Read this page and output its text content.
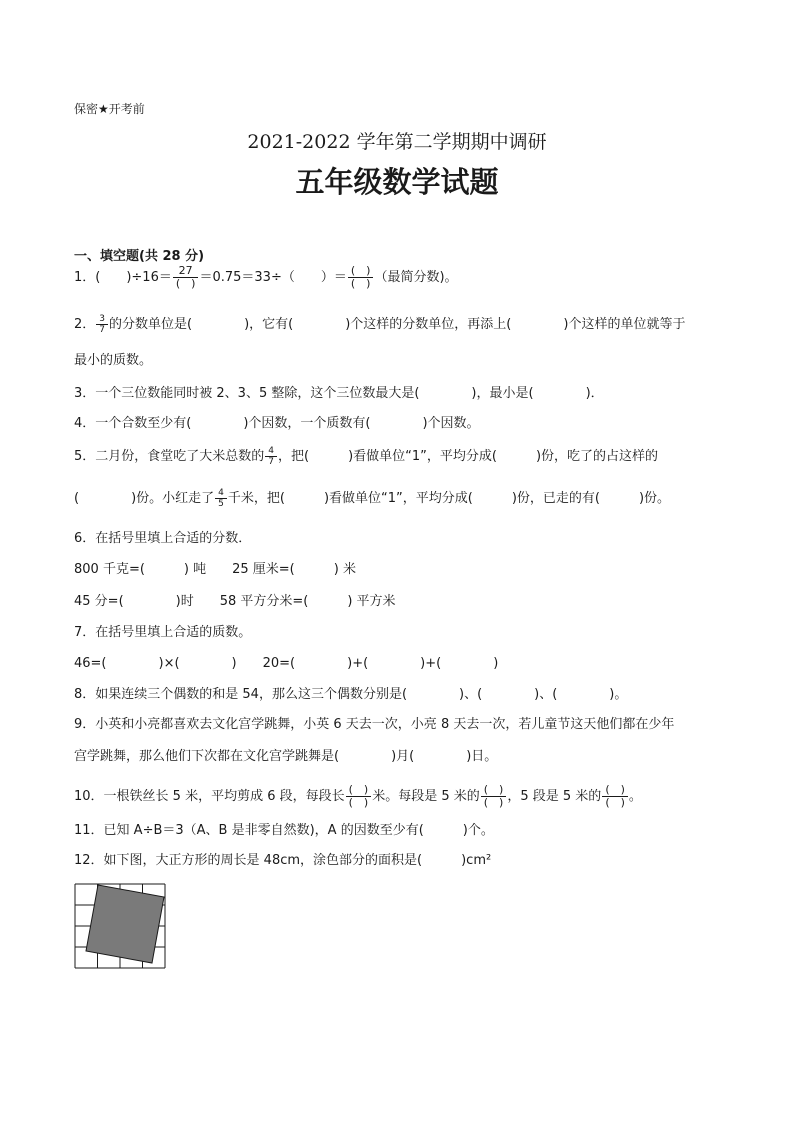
保密★开考前
2021-2022 学年第二学期期中调研
五年级数学试题
一、填空题(共 28 分)
1．(　　)$\div 16= \frac{27}{( )} =0.75=33\div$（　　）＝ $\frac{( )}{( )}$ （最简分数)。
2． $\frac{3}{7}$ 的分数单位是(　　　　)，它有(　　　　)个这样的分数单位，再添上(　　　　)个这样的单位就等于
最小的质数。
3．一个三位数能同时被 2、3、5 整除，这个三位数最大是(　　　　)，最小是(　　　　)．
4．一个合数至少有(　　　　)个因数，一个质数有(　　　　)个因数。
5．二月份，食堂吃了大米总数的 $\frac{4}{7}$ ，把(　　　)看做单位“1”，平均分成(　　　)份，吃了的占这样的
(　　　　)份。小红走了 $\frac{4}{5}$ 千米，把(　　　)看做单位“1”，平均分成(　　　)份，已走的有(　　　)份。
6．在括号里填上合适的分数．
800 千克=(　　　) 吨　　25 厘米=(　　　) 米
45 分=(　　　　)时　　58 平方分米=(　　　) 平方米
7．在括号里填上合适的质数。
46=(　　　　)×(　　　　)　　20=(　　　　)+(　　　　)+(　　　　)
8．如果连续三个偶数的和是 54，那么这三个偶数分别是(　　　　)、(　　　　)、(　　　　)。
9．小英和小亮都喜欢去文化宫学跳舞，小英 6 天去一次，小亮 8 天去一次，若儿童节这天他们都在少年
宫学跳舞，那么他们下次都在文化宫学跳舞是(　　　　)月(　　　　)日。
10．一根铁丝长 5 米，平均剪成 6 段，每段长 $\frac{( )}{( )}$ 米。每段是 5 米的 $\frac{( )}{( )}$ ，5 段是 5 米的 $\frac{( )}{( )}$ 。
11．已知 A÷B＝3（A、B 是非零自然数)，A 的因数至少有(　　　)个。
12．如下图，大正方形的周长是 48cm，涂色部分的面积是(　　　)cm²
